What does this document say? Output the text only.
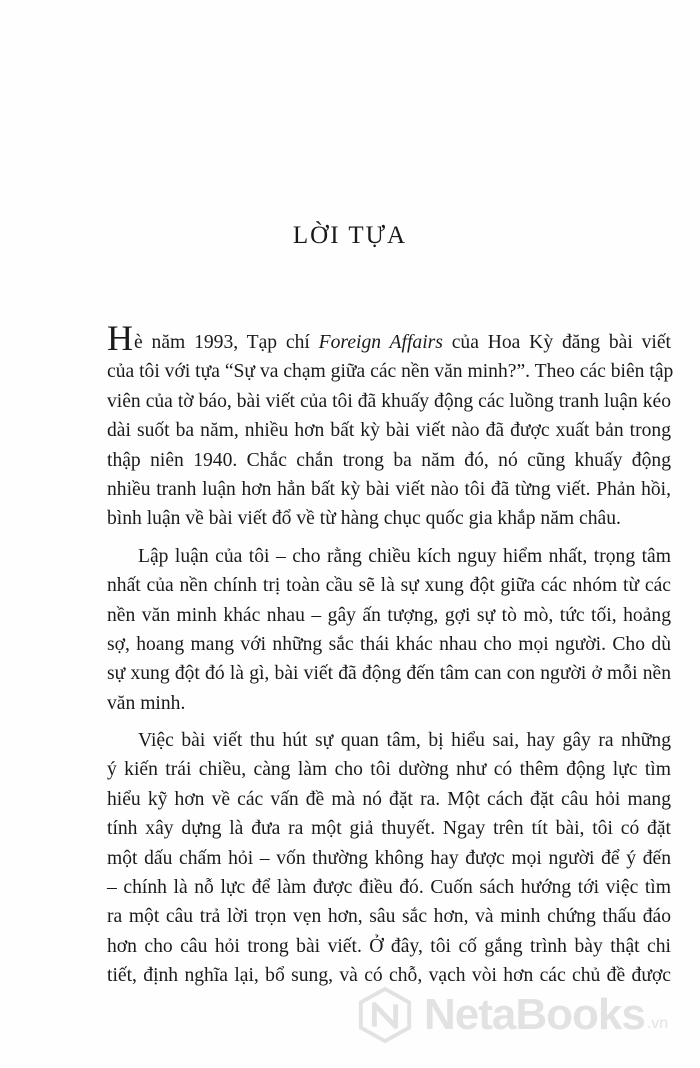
LỜI TỰA
Hè năm 1993, Tạp chí Foreign Affairs của Hoa Kỳ đăng bài viết
của tôi với tựa “Sự va chạm giữa các nền văn minh?”. Theo các biên tập
viên của tờ báo, bài viết của tôi đã khuấy động các luồng tranh luận kéo
dài suốt ba năm, nhiều hơn bất kỳ bài viết nào đã được xuất bản trong
thập niên 1940. Chắc chắn trong ba năm đó, nó cũng khuấy động
nhiều tranh luận hơn hẳn bất kỳ bài viết nào tôi đã từng viết. Phản hồi,
bình luận về bài viết đổ về từ hàng chục quốc gia khắp năm châu.
Lập luận của tôi – cho rằng chiều kích nguy hiểm nhất, trọng tâm
nhất của nền chính trị toàn cầu sẽ là sự xung đột giữa các nhóm từ các
nền văn minh khác nhau – gây ấn tượng, gợi sự tò mò, tức tối, hoảng
sợ, hoang mang với những sắc thái khác nhau cho mọi người. Cho dù
sự xung đột đó là gì, bài viết đã động đến tâm can con người ở mỗi nền
văn minh.
Việc bài viết thu hút sự quan tâm, bị hiểu sai, hay gây ra những
ý kiến trái chiều, càng làm cho tôi dường như có thêm động lực tìm
hiểu kỹ hơn về các vấn đề mà nó đặt ra. Một cách đặt câu hỏi mang
tính xây dựng là đưa ra một giả thuyết. Ngay trên tít bài, tôi có đặt
một dấu chấm hỏi – vốn thường không hay được mọi người để ý đến
– chính là nỗ lực để làm được điều đó. Cuốn sách hướng tới việc tìm
ra một câu trả lời trọn vẹn hơn, sâu sắc hơn, và minh chứng thấu đáo
hơn cho câu hỏi trong bài viết. Ở đây, tôi cố gắng trình bày thật chi
tiết, định nghĩa lại, bổ sung, và có chỗ, vạch vòi hơn các chủ đề được
NetaBooks .vn
